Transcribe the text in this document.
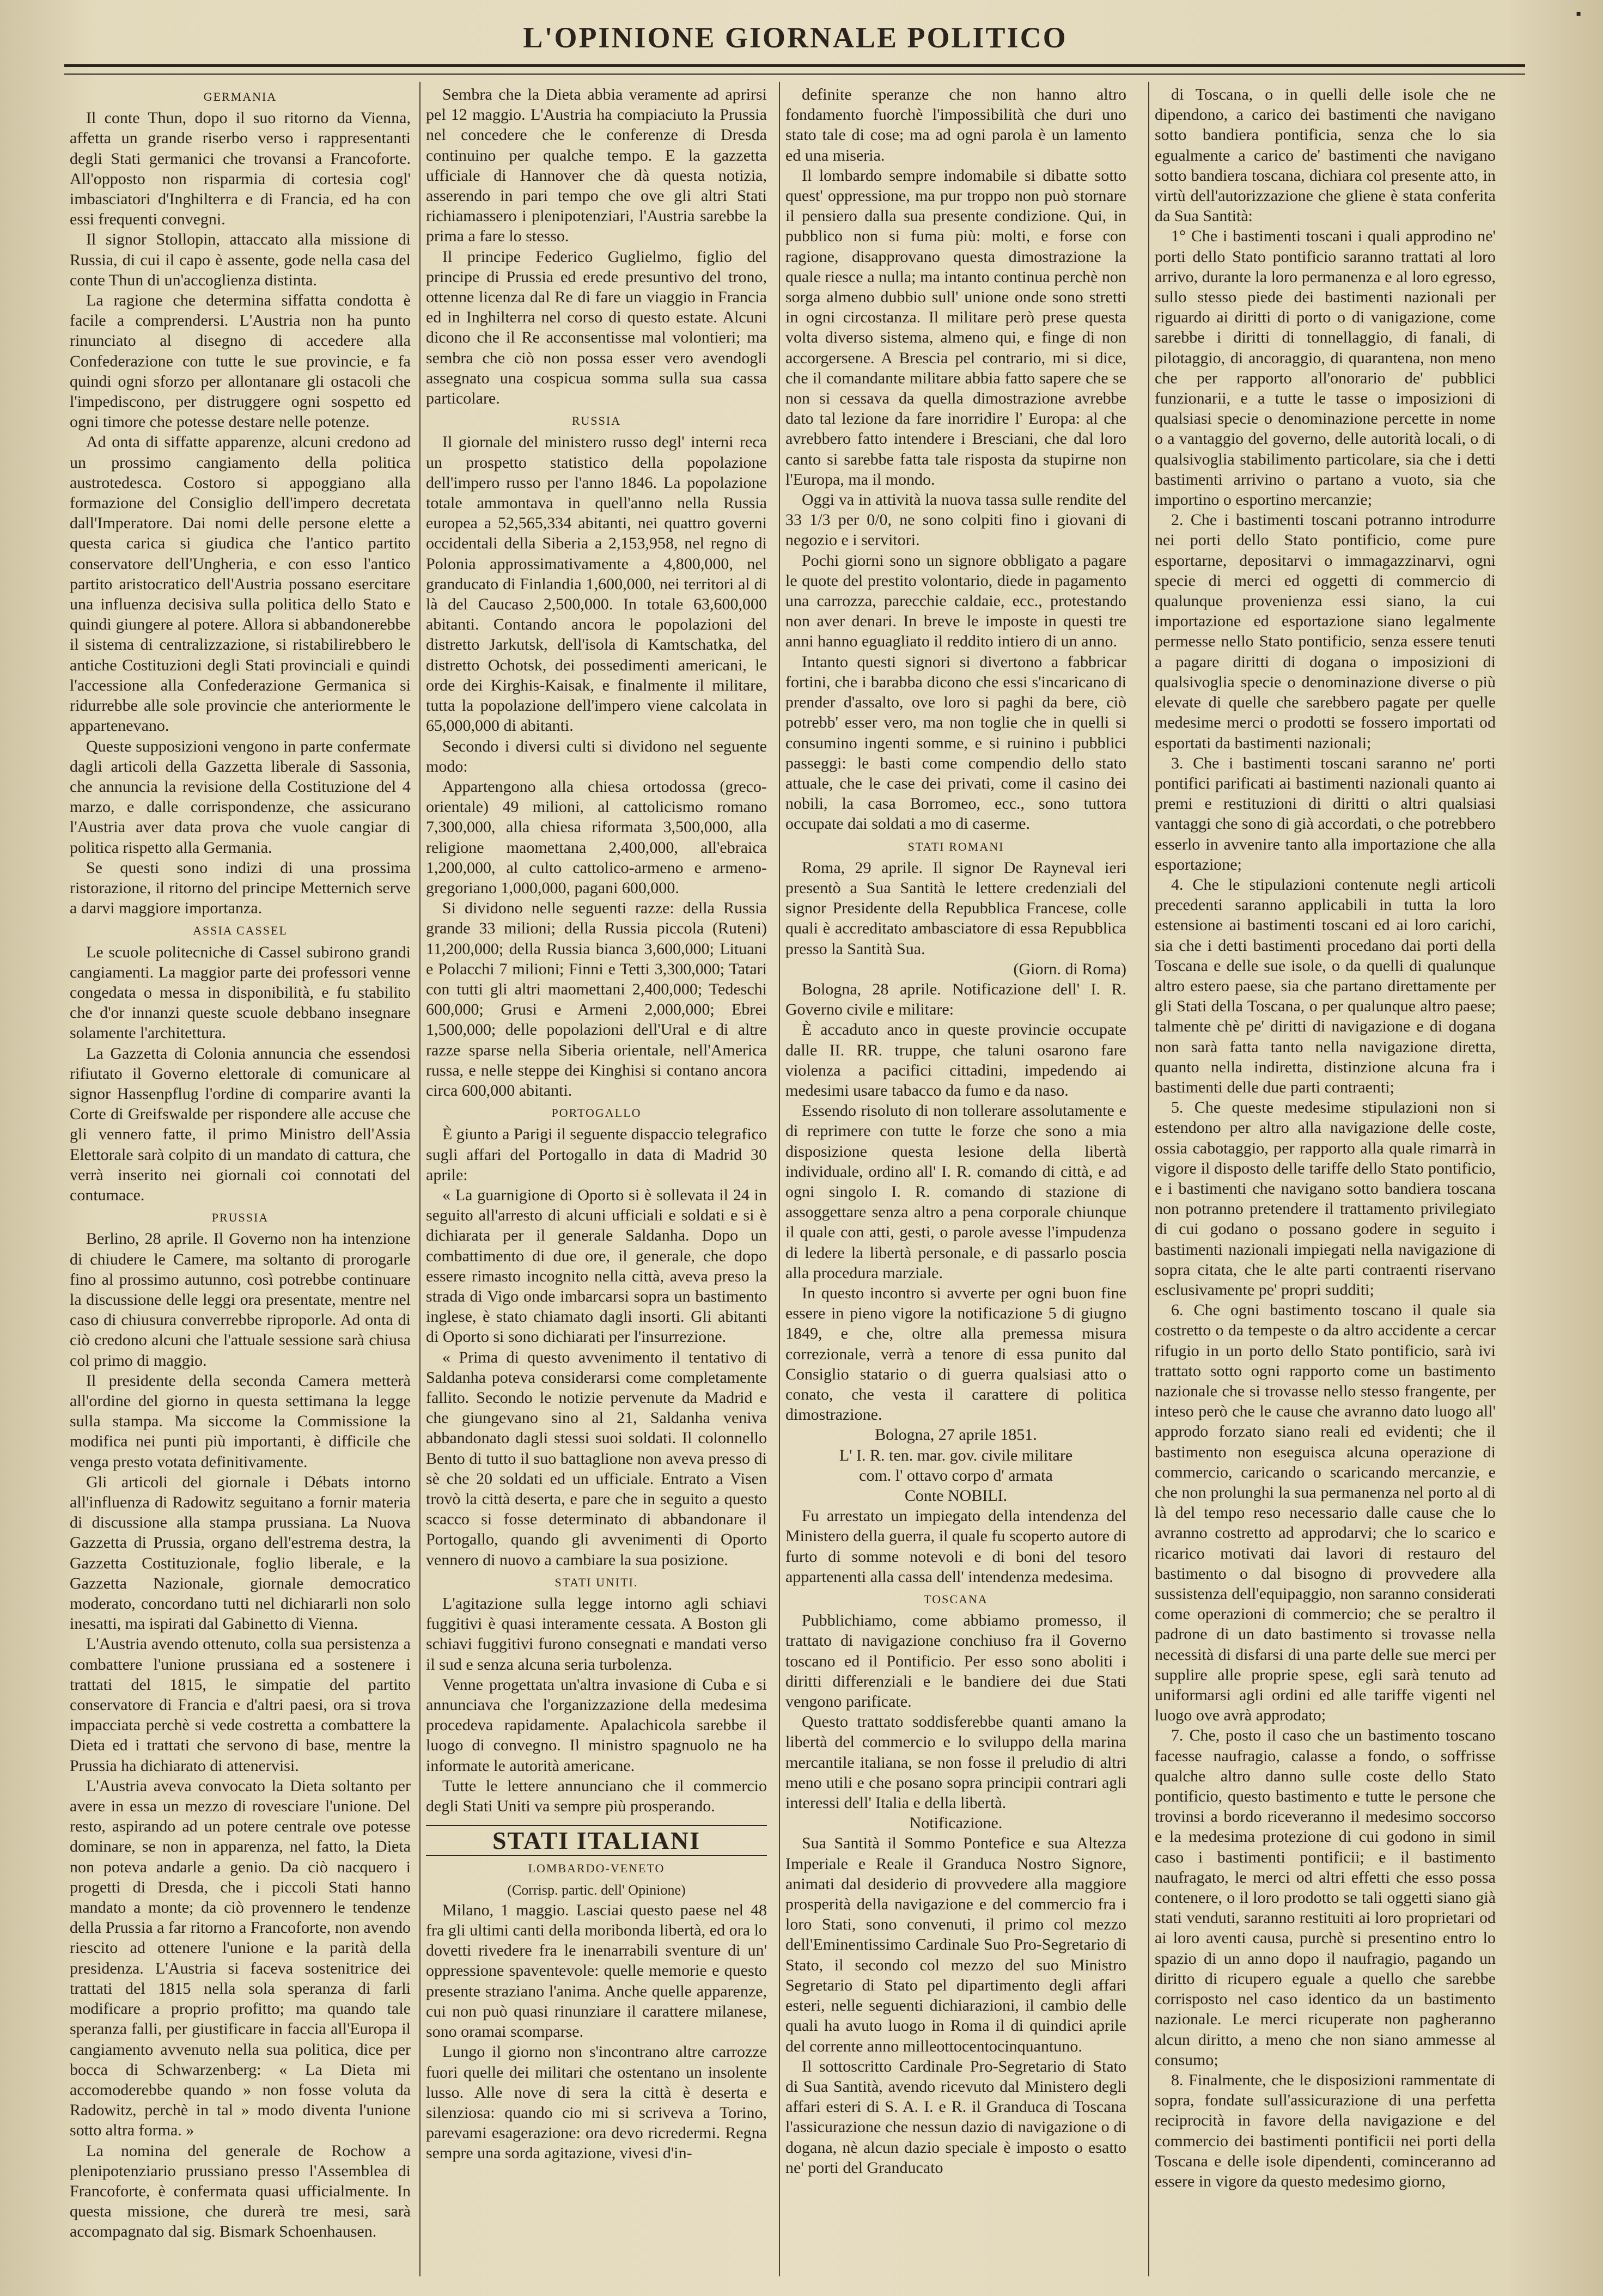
L'OPINIONE GIORNALE POLITICO
▪
GERMANIA

Il conte Thun, dopo il suo ritorno da Vienna, affetta un grande riserbo verso i rappresentanti degli Stati germanici che trovansi a Francoforte. All'opposto non risparmia di cortesia cogl' imbasciatori d'Inghilterra e di Francia, ed ha con essi frequenti convegni.

Il signor Stollopin, attaccato alla missione di Russia, di cui il capo è assente, gode nella casa del conte Thun di un'accoglienza distinta.

La ragione che determina siffatta condotta è facile a comprendersi. L'Austria non ha punto rinunciato al disegno di accedere alla Confederazione con tutte le sue provincie, e fa quindi ogni sforzo per allontanare gli ostacoli che l'impediscono, per distruggere ogni sospetto ed ogni timore che potesse destare nelle potenze.

Ad onta di siffatte apparenze, alcuni credono ad un prossimo cangiamento della politica austrotedesca. Costoro si appoggiano alla formazione del Consiglio dell'impero decretata dall'Imperatore. Dai nomi delle persone elette a questa carica si giudica che l'antico partito conservatore dell'Ungheria, e con esso l'antico partito aristocratico dell'Austria possano esercitare una influenza decisiva sulla politica dello Stato e quindi giungere al potere. Allora si abbandonerebbe il sistema di centralizzazione, si ristabilirebbero le antiche Costituzioni degli Stati provinciali e quindi l'accessione alla Confederazione Germanica si ridurrebbe alle sole provincie che anteriormente le appartenevano.

Queste supposizioni vengono in parte confermate dagli articoli della Gazzetta liberale di Sassonia, che annuncia la revisione della Costituzione del 4 marzo, e dalle corrispondenze, che assicurano l'Austria aver data prova che vuole cangiar di politica rispetto alla Germania.

Se questi sono indizi di una prossima ristorazione, il ritorno del principe Metternich serve a darvi maggiore importanza.

ASSIA CASSEL

Le scuole politecniche di Cassel subirono grandi cangiamenti. La maggior parte dei professori venne congedata o messa in disponibilità, e fu stabilito che d'or innanzi queste scuole debbano insegnare solamente l'architettura.

La Gazzetta di Colonia annuncia che essendosi rifiutato il Governo elettorale di comunicare al signor Hassenpflug l'ordine di comparire avanti la Corte di Greifswalde per rispondere alle accuse che gli vennero fatte, il primo Ministro dell'Assia Elettorale sarà colpito di un mandato di cattura, che verrà inserito nei giornali coi connotati del contumace.

PRUSSIA

Berlino, 28 aprile. Il Governo non ha intenzione di chiudere le Camere, ma soltanto di prorogarle fino al prossimo autunno, così potrebbe continuare la discussione delle leggi ora presentate, mentre nel caso di chiusura converrebbe riproporle. Ad onta di ciò credono alcuni che l'attuale sessione sarà chiusa col primo di maggio.

Il presidente della seconda Camera metterà all'ordine del giorno in questa settimana la legge sulla stampa. Ma siccome la Commissione la modifica nei punti più importanti, è difficile che venga presto votata definitivamente.

Gli articoli del giornale i Débats intorno all'influenza di Radowitz seguitano a fornir materia di discussione alla stampa prussiana. La Nuova Gazzetta di Prussia, organo dell'estrema destra, la Gazzetta Costituzionale, foglio liberale, e la Gazzetta Nazionale, giornale democratico moderato, concordano tutti nel dichiararli non solo inesatti, ma ispirati dal Gabinetto di Vienna.

L'Austria avendo ottenuto, colla sua persistenza a combattere l'unione prussiana ed a sostenere i trattati del 1815, le simpatie del partito conservatore di Francia e d'altri paesi, ora si trova impacciata perchè si vede costretta a combattere la Dieta ed i trattati che servono di base, mentre la Prussia ha dichiarato di attenervisi.

L'Austria aveva convocato la Dieta soltanto per avere in essa un mezzo di rovesciare l'unione. Del resto, aspirando ad un potere centrale ove potesse dominare, se non in apparenza, nel fatto, la Dieta non poteva andarle a genio. Da ciò nacquero i progetti di Dresda, che i piccoli Stati hanno mandato a monte; da ciò provennero le tendenze della Prussia a far ritorno a Francoforte, non avendo riescito ad ottenere l'unione e la parità della presidenza. L'Austria si faceva sostenitrice dei trattati del 1815 nella sola speranza di farli modificare a proprio profitto; ma quando tale speranza falli, per giustificare in faccia all'Europa il cangiamento avvenuto nella sua politica, dice per bocca di Schwarzenberg: « La Dieta mi accomoderebbe quando » non fosse voluta da Radowitz, perchè in tal » modo diventa l'unione sotto altra forma. »

La nomina del generale de Rochow a plenipotenziario prussiano presso l'Assemblea di Francoforte, è confermata quasi ufficialmente. In questa missione, che durerà tre mesi, sarà accompagnato dal sig. Bismark Schoenhausen.

Sembra che la Dieta abbia veramente ad aprirsi pel 12 maggio. L'Austria ha compiaciuto la Prussia nel concedere che le conferenze di Dresda continuino per qualche tempo. E la gazzetta ufficiale di Hannover che dà questa notizia, asserendo in pari tempo che ove gli altri Stati richiamassero i plenipotenziari, l'Austria sarebbe la prima a fare lo stesso.

Il principe Federico Guglielmo, figlio del principe di Prussia ed erede presuntivo del trono, ottenne licenza dal Re di fare un viaggio in Francia ed in Inghilterra nel corso di questo estate. Alcuni dicono che il Re acconsentisse mal volontieri; ma sembra che ciò non possa esser vero avendogli assegnato una cospicua somma sulla sua cassa particolare.

RUSSIA

Il giornale del ministero russo degl' interni reca un prospetto statistico della popolazione dell'impero russo per l'anno 1846. La popolazione totale ammontava in quell'anno nella Russia europea a 52,565,334 abitanti, nei quattro governi occidentali della Siberia a 2,153,958, nel regno di Polonia approssimativamente a 4,800,000, nel granducato di Finlandia 1,600,000, nei territori al di là del Caucaso 2,500,000. In totale 63,600,000 abitanti. Contando ancora le popolazioni del distretto Jarkutsk, dell'isola di Kamtschatka, del distretto Ochotsk, dei possedimenti americani, le orde dei Kirghis-Kaisak, e finalmente il militare, tutta la popolazione dell'impero viene calcolata in 65,000,000 di abitanti.

Secondo i diversi culti si dividono nel seguente modo:

Appartengono alla chiesa ortodossa (greco-orientale) 49 milioni, al cattolicismo romano 7,300,000, alla chiesa riformata 3,500,000, alla religione maomettana 2,400,000, all'ebraica 1,200,000, al culto cattolico-armeno e armeno-gregoriano 1,000,000, pagani 600,000.

Si dividono nelle seguenti razze: della Russia grande 33 milioni; della Russia piccola (Ruteni) 11,200,000; della Russia bianca 3,600,000; Lituani e Polacchi 7 milioni; Finni e Tetti 3,300,000; Tatari con tutti gli altri maomettani 2,400,000; Tedeschi 600,000; Grusi e Armeni 2,000,000; Ebrei 1,500,000; delle popolazioni dell'Ural e di altre razze sparse nella Siberia orientale, nell'America russa, e nelle steppe dei Kinghisi si contano ancora circa 600,000 abitanti.

PORTOGALLO

È giunto a Parigi il seguente dispaccio telegrafico sugli affari del Portogallo in data di Madrid 30 aprile:

« La guarnigione di Oporto si è sollevata il 24 in seguito all'arresto di alcuni ufficiali e soldati e si è dichiarata per il generale Saldanha. Dopo un combattimento di due ore, il generale, che dopo essere rimasto incognito nella città, aveva preso la strada di Vigo onde imbarcarsi sopra un bastimento inglese, è stato chiamato dagli insorti. Gli abitanti di Oporto si sono dichiarati per l'insurrezione.

« Prima di questo avvenimento il tentativo di Saldanha poteva considerarsi come completamente fallito. Secondo le notizie pervenute da Madrid e che giungevano sino al 21, Saldanha veniva abbandonato dagli stessi suoi soldati. Il colonnello Bento di tutto il suo battaglione non aveva presso di sè che 20 soldati ed un ufficiale. Entrato a Visen trovò la città deserta, e pare che in seguito a questo scacco si fosse determinato di abbandonare il Portogallo, quando gli avvenimenti di Oporto vennero di nuovo a cambiare la sua posizione.

STATI UNITI.

L'agitazione sulla legge intorno agli schiavi fuggitivi è quasi interamente cessata. A Boston gli schiavi fuggitivi furono consegnati e mandati verso il sud e senza alcuna seria turbolenza.

Venne progettata un'altra invasione di Cuba e si annunciava che l'organizzazione della medesima procedeva rapidamente. Apalachicola sarebbe il luogo di convegno. Il ministro spagnuolo ne ha informate le autorità americane.

Tutte le lettere annunciano che il commercio degli Stati Uniti va sempre più prosperando.

STATI ITALIANI
LOMBARDO-VENETO
(Corrisp. partic. dell' Opinione)

Milano, 1 maggio. Lasciai questo paese nel 48 fra gli ultimi canti della moribonda libertà, ed ora lo dovetti rivedere fra le inenarrabili sventure di un' oppressione spaventevole: quelle memorie e questo presente straziano l'anima. Anche quelle apparenze, cui non può quasi rinunziare il carattere milanese, sono oramai scomparse.

Lungo il giorno non s'incontrano altre carrozze fuori quelle dei militari che ostentano un insolente lusso. Alle nove di sera la città è deserta e silenziosa: quando cio mi si scriveva a Torino, parevami esagerazione: ora devo ricredermi. Regna sempre una sorda agitazione, vivesi d'in-

definite speranze che non hanno altro fondamento fuorchè l'impossibilità che duri uno stato tale di cose; ma ad ogni parola è un lamento ed una miseria.

Il lombardo sempre indomabile si dibatte sotto quest' oppressione, ma pur troppo non può stornare il pensiero dalla sua presente condizione. Qui, in pubblico non si fuma più: molti, e forse con ragione, disapprovano questa dimostrazione la quale riesce a nulla; ma intanto continua perchè non sorga almeno dubbio sull' unione onde sono stretti in ogni circostanza. Il militare però prese questa volta diverso sistema, almeno qui, e finge di non accorgersene. A Brescia pel contrario, mi si dice, che il comandante militare abbia fatto sapere che se non si cessava da quella dimostrazione avrebbe dato tal lezione da fare inorridire l' Europa: al che avrebbero fatto intendere i Bresciani, che dal loro canto si sarebbe fatta tale risposta da stupirne non l'Europa, ma il mondo.

Oggi va in attività la nuova tassa sulle rendite del 33 1/3 per 0/0, ne sono colpiti fino i giovani di negozio e i servitori.

Pochi giorni sono un signore obbligato a pagare le quote del prestito volontario, diede in pagamento una carrozza, parecchie caldaie, ecc., protestando non aver denari. In breve le imposte in questi tre anni hanno eguagliato il reddito intiero di un anno.

Intanto questi signori si divertono a fabbricar fortini, che i barabba dicono che essi s'incaricano di prender d'assalto, ove loro si paghi da bere, ciò potrebb' esser vero, ma non toglie che in quelli si consumino ingenti somme, e si ruinino i pubblici passeggi: le basti come compendio dello stato attuale, che le case dei privati, come il casino dei nobili, la casa Borromeo, ecc., sono tuttora occupate dai soldati a mo di caserme.

STATI ROMANI

Roma, 29 aprile. Il signor De Rayneval ieri presentò a Sua Santità le lettere credenziali del signor Presidente della Repubblica Francese, colle quali è accreditato ambasciatore di essa Repubblica presso la Santità Sua.

(Giorn. di Roma)

Bologna, 28 aprile. Notificazione dell' I. R. Governo civile e militare:

È accaduto anco in queste provincie occupate dalle II. RR. truppe, che taluni osarono fare violenza a pacifici cittadini, impedendo ai medesimi usare tabacco da fumo e da naso.

Essendo risoluto di non tollerare assolutamente e di reprimere con tutte le forze che sono a mia disposizione questa lesione della libertà individuale, ordino all' I. R. comando di città, e ad ogni singolo I. R. comando di stazione di assoggettare senza altro a pena corporale chiunque il quale con atti, gesti, o parole avesse l'impudenza di ledere la libertà personale, e di passarlo poscia alla procedura marziale.

In questo incontro si avverte per ogni buon fine essere in pieno vigore la notificazione 5 di giugno 1849, e che, oltre alla premessa misura correzionale, verrà a tenore di essa punito dal Consiglio statario o di guerra qualsiasi atto o conato, che vesta il carattere di politica dimostrazione.

Bologna, 27 aprile 1851.
L' I. R. ten. mar. gov. civile militare
com. l' ottavo corpo d' armata
Conte NOBILI.

Fu arrestato un impiegato della intendenza del Ministero della guerra, il quale fu scoperto autore di furto di somme notevoli e di boni del tesoro appartenenti alla cassa dell' intendenza medesima.

TOSCANA

Pubblichiamo, come abbiamo promesso, il trattato di navigazione conchiuso fra il Governo toscano ed il Pontificio. Per esso sono aboliti i diritti differenziali e le bandiere dei due Stati vengono parificate.

Questo trattato soddisferebbe quanti amano la libertà del commercio e lo sviluppo della marina mercantile italiana, se non fosse il preludio di altri meno utili e che posano sopra principii contrari agli interessi dell' Italia e della libertà.

Notificazione.

Sua Santità il Sommo Pontefice e sua Altezza Imperiale e Reale il Granduca Nostro Signore, animati dal desiderio di provvedere alla maggiore prosperità della navigazione e del commercio fra i loro Stati, sono convenuti, il primo col mezzo dell'Eminentissimo Cardinale Suo Pro-Segretario di Stato, il secondo col mezzo del suo Ministro Segretario di Stato pel dipartimento degli affari esteri, nelle seguenti dichiarazioni, il cambio delle quali ha avuto luogo in Roma il di quindici aprile del corrente anno milleottocentocinquantuno.

Il sottoscritto Cardinale Pro-Segretario di Stato di Sua Santità, avendo ricevuto dal Ministero degli affari esteri di S. A. I. e R. il Granduca di Toscana l'assicurazione che nessun dazio di navigazione o di dogana, nè alcun dazio speciale è imposto o esatto ne' porti del Granducato

di Toscana, o in quelli delle isole che ne dipendono, a carico dei bastimenti che navigano sotto bandiera pontificia, senza che lo sia egualmente a carico de' bastimenti che navigano sotto bandiera toscana, dichiara col presente atto, in virtù dell'autorizzazione che gliene è stata conferita da Sua Santità:

1° Che i bastimenti toscani i quali approdino ne' porti dello Stato pontificio saranno trattati al loro arrivo, durante la loro permanenza e al loro egresso, sullo stesso piede dei bastimenti nazionali per riguardo ai diritti di porto o di vanigazione, come sarebbe i diritti di tonnellaggio, di fanali, di pilotaggio, di ancoraggio, di quarantena, non meno che per rapporto all'onorario de' pubblici funzionarii, e a tutte le tasse o imposizioni di qualsiasi specie o denominazione percette in nome o a vantaggio del governo, delle autorità locali, o di qualsivoglia stabilimento particolare, sia che i detti bastimenti arrivino o partano a vuoto, sia che importino o esportino mercanzie;

2. Che i bastimenti toscani potranno introdurre nei porti dello Stato pontificio, come pure esportarne, depositarvi o immagazzinarvi, ogni specie di merci ed oggetti di commercio di qualunque provenienza essi siano, la cui importazione ed esportazione siano legalmente permesse nello Stato pontificio, senza essere tenuti a pagare diritti di dogana o imposizioni di qualsivoglia specie o denominazione diverse o più elevate di quelle che sarebbero pagate per quelle medesime merci o prodotti se fossero importati od esportati da bastimenti nazionali;

3. Che i bastimenti toscani saranno ne' porti pontifici parificati ai bastimenti nazionali quanto ai premi e restituzioni di diritti o altri qualsiasi vantaggi che sono di già accordati, o che potrebbero esserlo in avvenire tanto alla importazione che alla esportazione;

4. Che le stipulazioni contenute negli articoli precedenti saranno applicabili in tutta la loro estensione ai bastimenti toscani ed ai loro carichi, sia che i detti bastimenti procedano dai porti della Toscana e delle sue isole, o da quelli di qualunque altro estero paese, sia che partano direttamente per gli Stati della Toscana, o per qualunque altro paese; talmente chè pe' diritti di navigazione e di dogana non sarà fatta tanto nella navigazione diretta, quanto nella indiretta, distinzione alcuna fra i bastimenti delle due parti contraenti;

5. Che queste medesime stipulazioni non si estendono per altro alla navigazione delle coste, ossia cabotaggio, per rapporto alla quale rimarrà in vigore il disposto delle tariffe dello Stato pontificio, e i bastimenti che navigano sotto bandiera toscana non potranno pretendere il trattamento privilegiato di cui godano o possano godere in seguito i bastimenti nazionali impiegati nella navigazione di sopra citata, che le alte parti contraenti riservano esclusivamente pe' propri sudditi;

6. Che ogni bastimento toscano il quale sia costretto o da tempeste o da altro accidente a cercar rifugio in un porto dello Stato pontificio, sarà ivi trattato sotto ogni rapporto come un bastimento nazionale che si trovasse nello stesso frangente, per inteso però che le cause che avranno dato luogo all' approdo forzato siano reali ed evidenti; che il bastimento non eseguisca alcuna operazione di commercio, caricando o scaricando mercanzie, e che non prolunghi la sua permanenza nel porto al di là del tempo reso necessario dalle cause che lo avranno costretto ad approdarvi; che lo scarico e ricarico motivati dai lavori di restauro del bastimento o dal bisogno di provvedere alla sussistenza dell'equipaggio, non saranno considerati come operazioni di commercio; che se peraltro il padrone di un dato bastimento si trovasse nella necessità di disfarsi di una parte delle sue merci per supplire alle proprie spese, egli sarà tenuto ad uniformarsi agli ordini ed alle tariffe vigenti nel luogo ove avrà approdato;

7. Che, posto il caso che un bastimento toscano facesse naufragio, calasse a fondo, o soffrisse qualche altro danno sulle coste dello Stato pontificio, questo bastimento e tutte le persone che trovinsi a bordo riceveranno il medesimo soccorso e la medesima protezione di cui godono in simil caso i bastimenti pontificii; e il bastimento naufragato, le merci od altri effetti che esso possa contenere, o il loro prodotto se tali oggetti siano già stati venduti, saranno restituiti ai loro proprietari od ai loro aventi causa, purchè si presentino entro lo spazio di un anno dopo il naufragio, pagando un diritto di ricupero eguale a quello che sarebbe corrisposto nel caso identico da un bastimento nazionale. Le merci ricuperate non pagheranno alcun diritto, a meno che non siano ammesse al consumo;

8. Finalmente, che le disposizioni rammentate di sopra, fondate sull'assicurazione di una perfetta reciprocità in favore della navigazione e del commercio dei bastimenti pontificii nei porti della Toscana e delle isole dipendenti, cominceranno ad essere in vigore da questo medesimo giorno,
